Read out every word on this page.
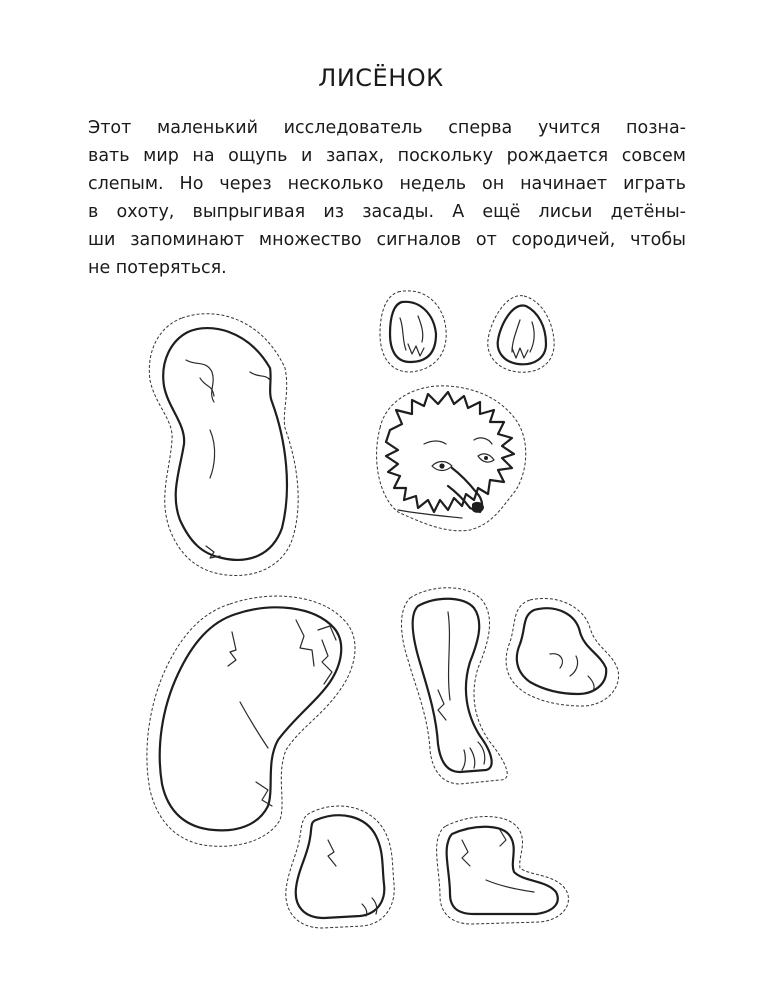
ЛИСЁНОК
Этот маленький исследователь сперва учится позна-
вать мир на ощупь и запах, поскольку рождается совсем
слепым. Но через несколько недель он начинает играть
в охоту, выпрыгивая из засады. А ещё лисьи детёны-
ши запоминают множество сигналов от сородичей, чтобы
не потеряться.
